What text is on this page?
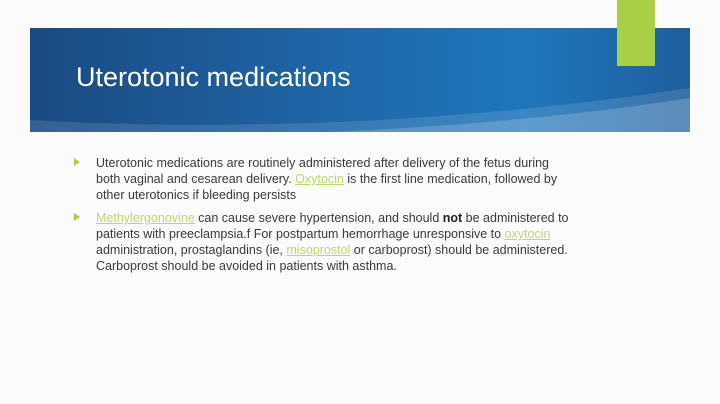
Uterotonic medications
Uterotonic medications are routinely administered after delivery of the fetus during both vaginal and cesarean delivery. Oxytocin is the first line medication, followed by other uterotonics if bleeding persists
Methylergonovine can cause severe hypertension, and should not be administered to patients with preeclampsia.f For postpartum hemorrhage unresponsive to oxytocin administration, prostaglandins (ie, misoprostol or carboprost) should be administered. Carboprost should be avoided in patients with asthma.
